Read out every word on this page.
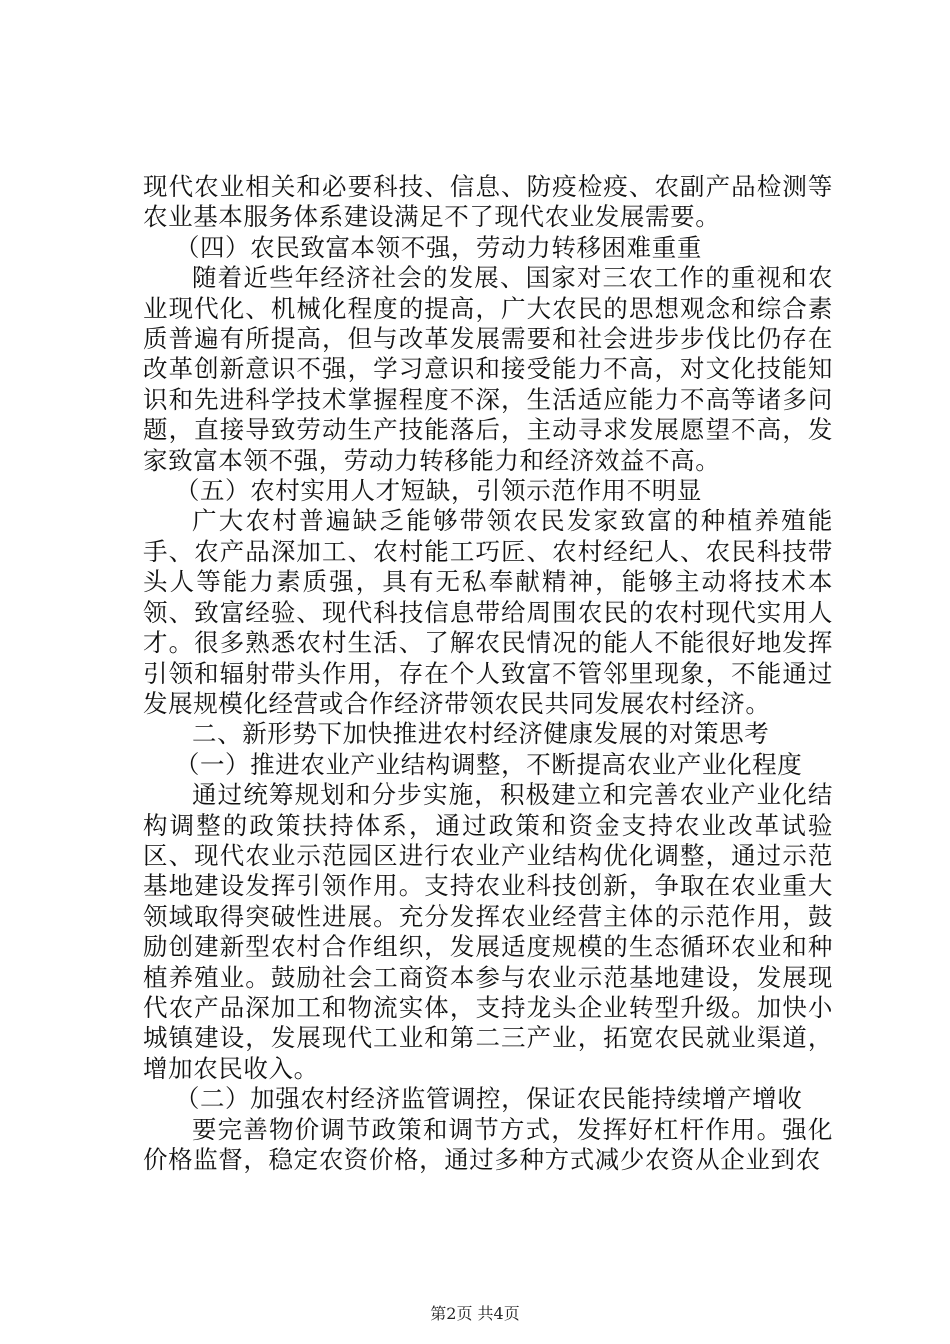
现代农业相关和必要科技、信息、防疫检疫、农副产品检测等农业基本服务体系建设满足不了现代农业发展需要。

（四）农民致富本领不强，劳动力转移困难重重

随着近些年经济社会的发展、国家对三农工作的重视和农业现代化、机械化程度的提高，广大农民的思想观念和综合素质普遍有所提高，但与改革发展需要和社会进步步伐比仍存在改革创新意识不强，学习意识和接受能力不高，对文化技能知识和先进科学技术掌握程度不深，生活适应能力不高等诸多问题，直接导致劳动生产技能落后，主动寻求发展愿望不高，发家致富本领不强，劳动力转移能力和经济效益不高。

（五）农村实用人才短缺，引领示范作用不明显

广大农村普遍缺乏能够带领农民发家致富的种植养殖能手、农产品深加工、农村能工巧匠、农村经纪人、农民科技带头人等能力素质强，具有无私奉献精神，能够主动将技术本领、致富经验、现代科技信息带给周围农民的农村现代实用人才。很多熟悉农村生活、了解农民情况的能人不能很好地发挥引领和辐射带头作用，存在个人致富不管邻里现象，不能通过发展规模化经营或合作经济带领农民共同发展农村经济。

二、新形势下加快推进农村经济健康发展的对策思考

（一）推进农业产业结构调整，不断提高农业产业化程度

通过统筹规划和分步实施，积极建立和完善农业产业化结构调整的政策扶持体系，通过政策和资金支持农业改革试验区、现代农业示范园区进行农业产业结构优化调整，通过示范基地建设发挥引领作用。支持农业科技创新，争取在农业重大领域取得突破性进展。充分发挥农业经营主体的示范作用，鼓励创建新型农村合作组织，发展适度规模的生态循环农业和种植养殖业。鼓励社会工商资本参与农业示范基地建设，发展现代农产品深加工和物流实体，支持龙头企业转型升级。加快小城镇建设，发展现代工业和第二三产业，拓宽农民就业渠道，增加农民收入。

（二）加强农村经济监管调控，保证农民能持续增产增收

要完善物价调节政策和调节方式，发挥好杠杆作用。强化价格监督，稳定农资价格，通过多种方式减少农资从企业到农

第2页 共4页
